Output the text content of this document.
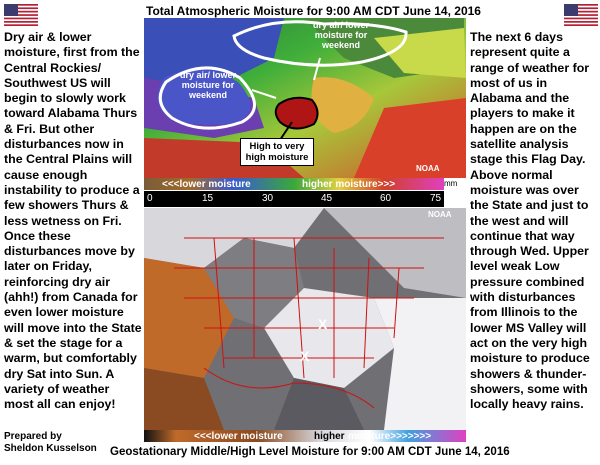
Total Atmospheric Moisture for 9:00 AM CDT June 14, 2016
Geostationary Middle/High Level Moisture for 9:00 AM CDT June 14, 2016
Dry air & lower moisture, first from the Central Rockies/ Southwest US will begin to slowly work toward Alabama Thurs & Fri. But other disturbances now in the Central Plains will cause enough instability to produce a few showers Thurs & less wetness on Fri. Once these disturbances move by later on Friday, reinforcing dry air (ahh!) from Canada for even lower moisture will move into the State & set the stage for a warm, but comfortably dry Sat into Sun. A variety of weather most all can enjoy!
Prepared by
Sheldon Kusselson
The next 6 days represent quite a range of weather for most of us in Alabama and the players to make it happen are on the satellite analysis stage this Flag Day. Above normal moisture was over the State and just to the west and will continue that way through Wed. Upper level weak Low pressure combined with disturbances from Illinois to the lower MS Valley will act on the very high moisture to produce showers & thunder-showers, some with locally heavy rains.
dry air/ lower moisture for weekend
dry air/ lower moisture for weekend
High to very high moisture
NOAA
<<<lower moisture	higher moisture>>>	mm
0	15	30	45	60	75
X
X
NOAA
<<<lower moisture	higher moisture>>>>>>>
